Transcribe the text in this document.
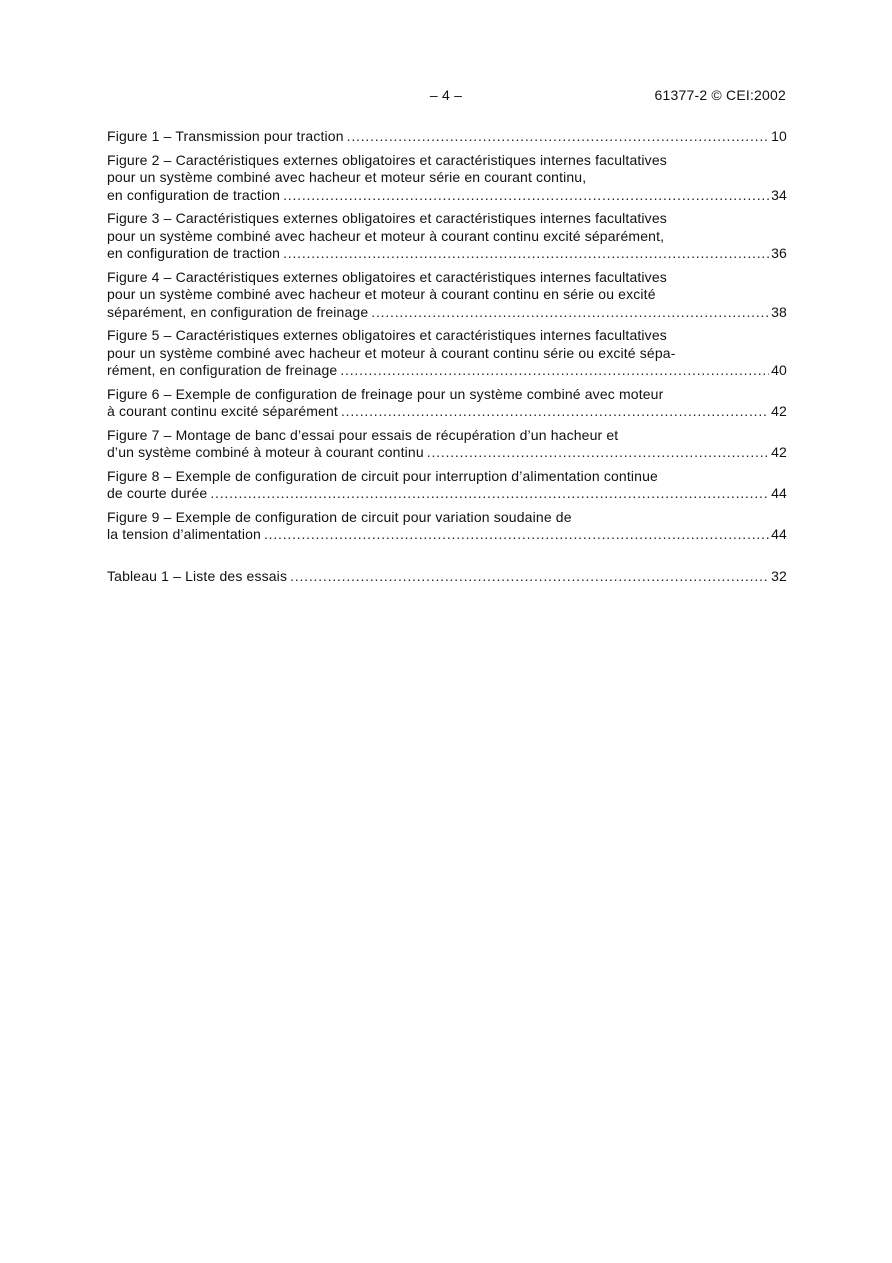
– 4 –	61377-2 © CEI:2002
Figure 1 – Transmission pour traction .....	10
Figure 2 – Caractéristiques externes obligatoires et caractéristiques internes facultatives
pour un système combiné avec hacheur et moteur série en courant continu,
en configuration de traction .....	34
Figure 3 – Caractéristiques externes obligatoires et caractéristiques internes facultatives
pour un système combiné avec hacheur et moteur à courant continu excité séparément,
en configuration de traction .....	36
Figure 4 – Caractéristiques externes obligatoires et caractéristiques internes facultatives
pour un système combiné avec hacheur et moteur à courant continu en série ou excité
séparément, en configuration de freinage .....	38
Figure 5 – Caractéristiques externes obligatoires et caractéristiques internes facultatives
pour un système combiné avec hacheur et moteur à courant continu série ou excité sépa-
rément, en configuration de freinage .....	40
Figure 6 – Exemple de configuration de freinage pour un système combiné avec moteur
à courant continu excité séparément .....	42
Figure 7 – Montage de banc d’essai pour essais de récupération d’un hacheur et
d’un système combiné à moteur à courant continu .....	42
Figure 8 – Exemple de configuration de circuit pour interruption d’alimentation continue
de courte durée .....	44
Figure 9 – Exemple de configuration de circuit pour variation soudaine de
la tension d’alimentation .....	44
Tableau 1 – Liste des essais .....	32
